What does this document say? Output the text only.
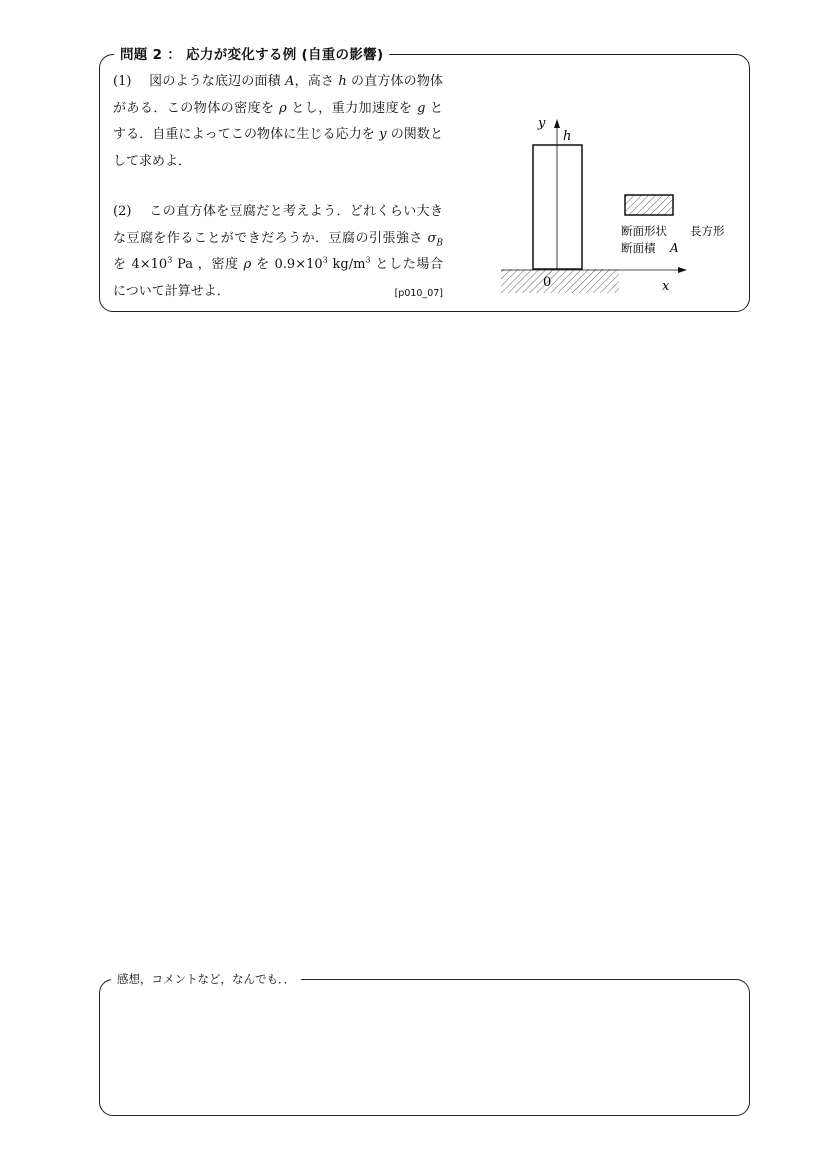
問題 2 ： 応力が変化する例 (自重の影響)

(1) 図のような底辺の面積 A，高さ h の直方体の物体がある．この物体の密度を ρ とし，重力加速度を g とする．自重によってこの物体に生じる応力を y の関数として求めよ．

(2) この直方体を豆腐だと考えよう．どれくらい大きな豆腐を作ることができだろうか．豆腐の引張強さ $\sigma_B$ を $4\times 10^3$ Pa ，密度 ρ を $0.9\times 10^3$ $kg/m^3$ とした場合について計算せよ．	[p010_07]

y
h
0	x
断面形状 長方形
断面積 A
感想，コメントなど，なんでも．．
